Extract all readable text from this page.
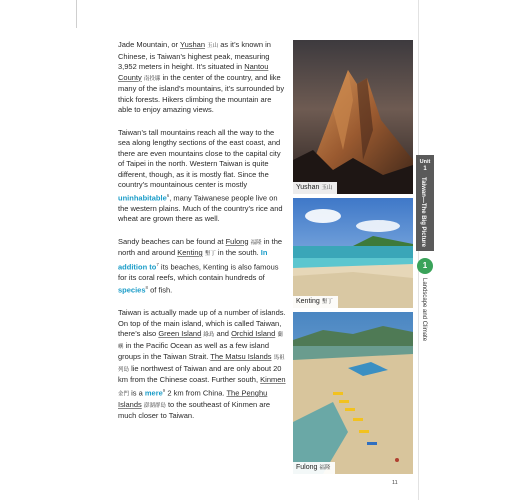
Jade Mountain, or Yushan 玉山 as it’s known in Chinese, is Taiwan’s highest peak, measuring 3,952 meters in height. It’s situated in Nantou County 南投縣 in the center of the country, and like many of the island’s mountains, it’s surrounded by thick forests. Hikers climbing the mountain are able to enjoy amazing views.

Taiwan’s tall mountains reach all the way to the sea along lengthy sections of the east coast, and there are even mountains close to the capital city of Taipei in the north. Western Taiwan is quite different, though, as it is mostly flat. Since the country’s mountainous center is mostly uninhabitable$^6$, many Taiwanese people live on the western plains. Much of the country’s rice and wheat are grown there as well.

Sandy beaches can be found at Fulong 福隆 in the north and around Kenting 墾丁 in the south. In addition $to^7$ its beaches, Kenting is also famous for its coral reefs, which contain hundreds of species$^8$ of fish.

Taiwan is actually made up of a number of islands. On top of the main island, which is called Taiwan, there’s also Green Island 綠島 and Orchid Island 蘭嶼 in the Pacific Ocean as well as a few island groups in the Taiwan Strait. The Matsu Islands 馬祖列島 lie northwest of Taiwan and are only about 20 km from the Chinese coast. Further south, Kinmen 金門 is a mere$^9$ 2 km from China. The Penghu Islands 澎湖群島 to the southeast of Kinmen are much closer to Taiwan.

Yushan 玉山
Kenting 墾丁
Fulong 福隆
Unit
1
Taiwan—The Big Picture
1
Landscape and Climate
11
